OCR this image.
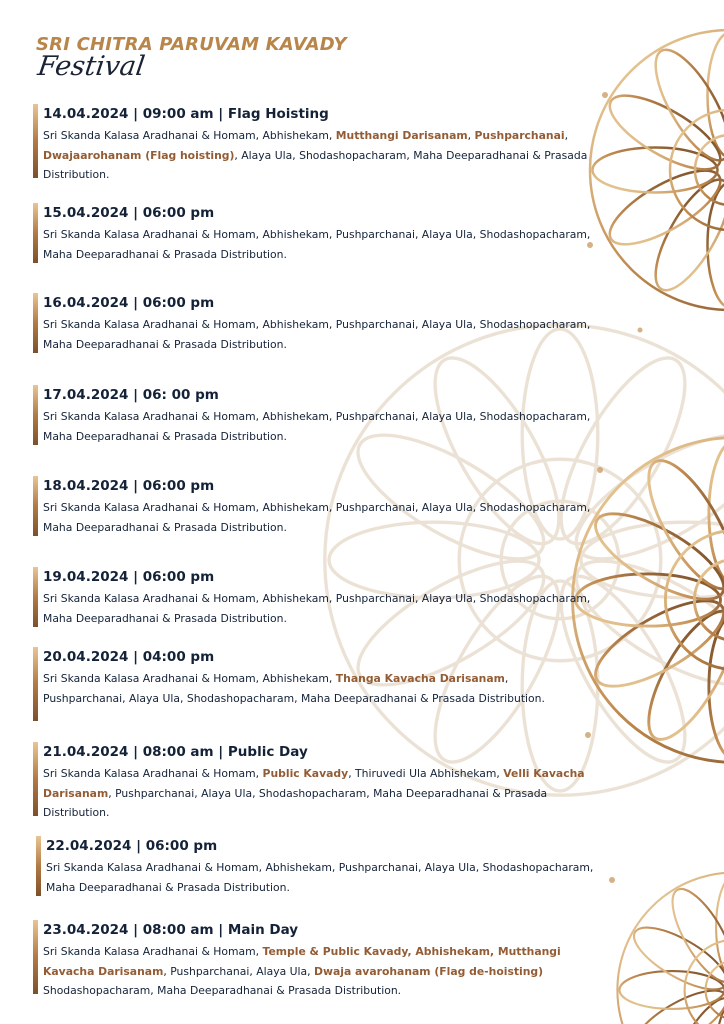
SRI CHITRA PARUVAM KAVADY
Festival
14.04.2024 | 09:00 am | Flag Hoisting
Sri Skanda Kalasa Aradhanai & Homam, Abhishekam, Mutthangi Darisanam, Pushparchanai, Dwajaarohanam (Flag hoisting), Alaya Ula, Shodashopacharam, Maha Deeparadhanai & Prasada Distribution.
15.04.2024 | 06:00 pm
Sri Skanda Kalasa Aradhanai & Homam, Abhishekam, Pushparchanai, Alaya Ula, Shodashopacharam, Maha Deeparadhanai & Prasada Distribution.
16.04.2024 | 06:00 pm
Sri Skanda Kalasa Aradhanai & Homam, Abhishekam, Pushparchanai, Alaya Ula, Shodashopacharam, Maha Deeparadhanai & Prasada Distribution.
17.04.2024 | 06: 00 pm
Sri Skanda Kalasa Aradhanai & Homam, Abhishekam, Pushparchanai, Alaya Ula, Shodashopacharam, Maha Deeparadhanai & Prasada Distribution.
18.04.2024 | 06:00 pm
Sri Skanda Kalasa Aradhanai & Homam, Abhishekam, Pushparchanai, Alaya Ula, Shodashopacharam, Maha Deeparadhanai & Prasada Distribution.
19.04.2024 | 06:00 pm
Sri Skanda Kalasa Aradhanai & Homam, Abhishekam, Pushparchanai, Alaya Ula, Shodashopacharam, Maha Deeparadhanai & Prasada Distribution.
20.04.2024 | 04:00 pm
Sri Skanda Kalasa Aradhanai & Homam, Abhishekam, Thanga Kavacha Darisanam, Pushparchanai, Alaya Ula, Shodashopacharam, Maha Deeparadhanai & Prasada Distribution.
21.04.2024 | 08:00 am | Public Day
Sri Skanda Kalasa Aradhanai & Homam, Public Kavady, Thiruvedi Ula Abhishekam, Velli Kavacha Darisanam, Pushparchanai, Alaya Ula, Shodashopacharam, Maha Deeparadhanai & Prasada Distribution.
22.04.2024 | 06:00 pm
Sri Skanda Kalasa Aradhanai & Homam, Abhishekam, Pushparchanai, Alaya Ula, Shodashopacharam, Maha Deeparadhanai & Prasada Distribution.
23.04.2024 | 08:00 am | Main Day
Sri Skanda Kalasa Aradhanai & Homam, Temple & Public Kavady, Abhishekam, Mutthangi Kavacha Darisanam, Pushparchanai, Alaya Ula, Dwaja avarohanam (Flag de-hoisting) Shodashopacharam, Maha Deeparadhanai & Prasada Distribution.
